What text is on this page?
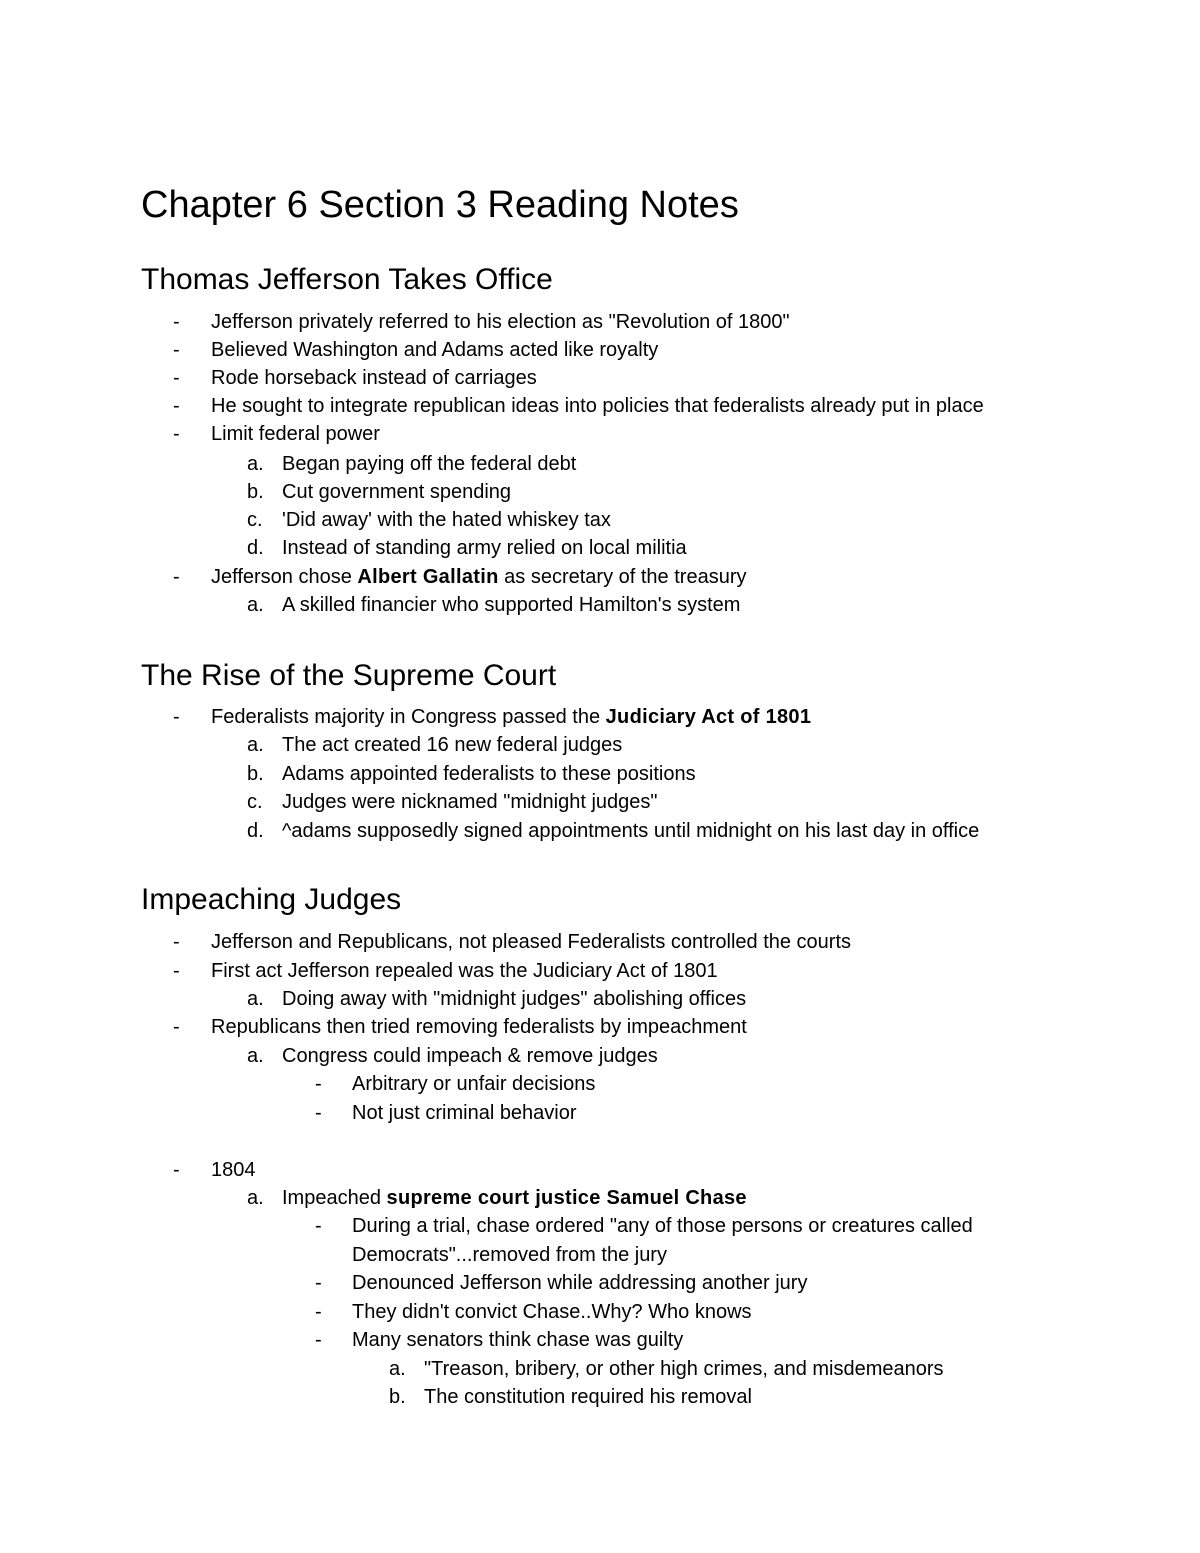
Chapter 6 Section 3 Reading Notes
Thomas Jefferson Takes Office
- Jefferson privately referred to his election as "Revolution of 1800"
- Believed Washington and Adams acted like royalty
- Rode horseback instead of carriages
- He sought to integrate republican ideas into policies that federalists already put in place
- Limit federal power
a. Began paying off the federal debt
b. Cut government spending
c. 'Did away' with the hated whiskey tax
d. Instead of standing army relied on local militia
- Jefferson chose Albert Gallatin as secretary of the treasury
a. A skilled financier who supported Hamilton's system
The Rise of the Supreme Court
- Federalists majority in Congress passed the Judiciary Act of 1801
a. The act created 16 new federal judges
b. Adams appointed federalists to these positions
c. Judges were nicknamed "midnight judges"
d. ^adams supposedly signed appointments until midnight on his last day in office
Impeaching Judges
- Jefferson and Republicans, not pleased Federalists controlled the courts
- First act Jefferson repealed was the Judiciary Act of 1801
a. Doing away with "midnight judges" abolishing offices
- Republicans then tried removing federalists by impeachment
a. Congress could impeach & remove judges
- Arbitrary or unfair decisions
- Not just criminal behavior
- 1804
a. Impeached supreme court justice Samuel Chase
- During a trial, chase ordered "any of those persons or creatures called
Democrats"...removed from the jury
- Denounced Jefferson while addressing another jury
- They didn't convict Chase..Why? Who knows
- Many senators think chase was guilty
a. "Treason, bribery, or other high crimes, and misdemeanors
b. The constitution required his removal
